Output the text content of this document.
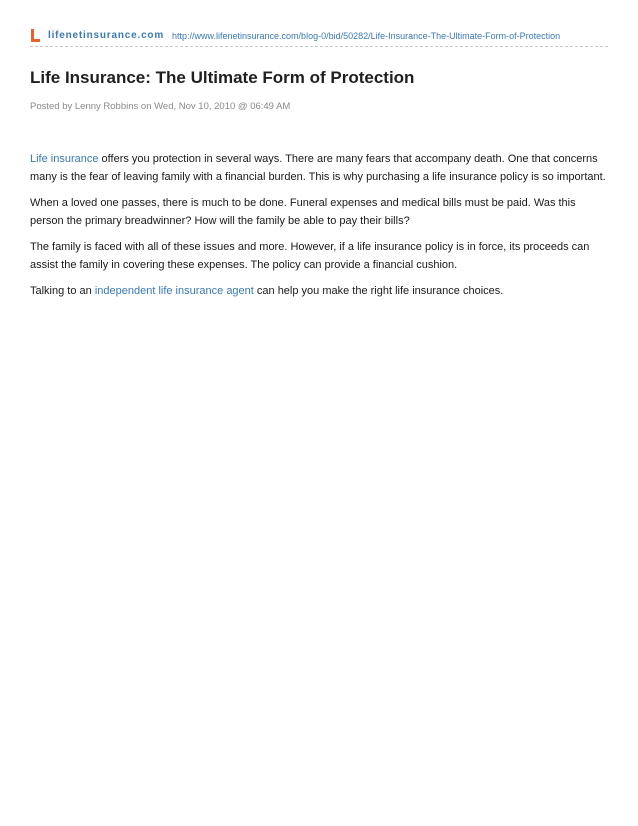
lifenetinsurance.com http://www.lifenetinsurance.com/blog-0/bid/50282/Life-Insurance-The-Ultimate-Form-of-Protection
Life Insurance: The Ultimate Form of Protection
Posted by Lenny Robbins on Wed, Nov 10, 2010 @ 06:49 AM

Life insurance offers you protection in several ways. There are many fears that accompany death. One that concerns many is the fear of leaving family with a financial burden. This is why purchasing a life insurance policy is so important.

When a loved one passes, there is much to be done. Funeral expenses and medical bills must be paid. Was this person the primary breadwinner? How will the family be able to pay their bills?

The family is faced with all of these issues and more. However, if a life insurance policy is in force, its proceeds can assist the family in covering these expenses. The policy can provide a financial cushion.

Talking to an independent life insurance agent can help you make the right life insurance choices.
